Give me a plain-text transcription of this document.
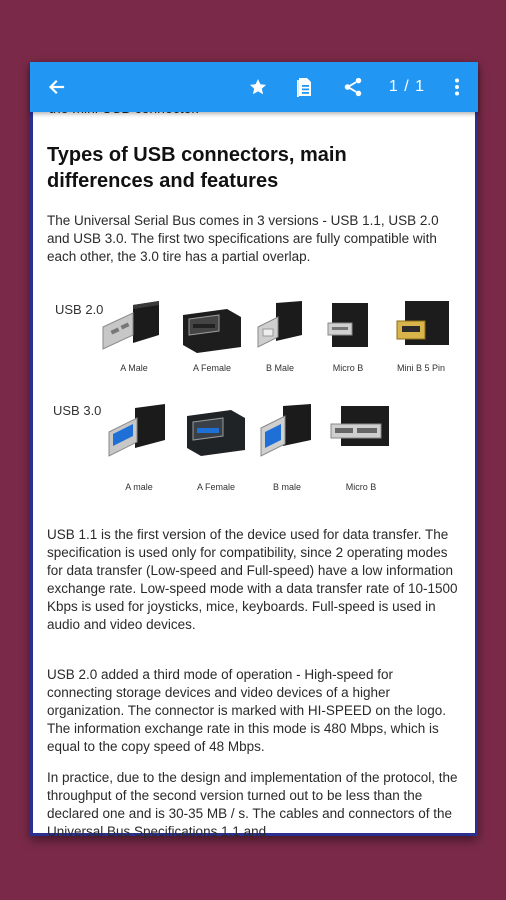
1 / 1
Types of USB connectors, main differences and features

The Universal Serial Bus comes in 3 versions - USB 1.1, USB 2.0 and USB 3.0. The first two specifications are fully compatible with each other, the 3.0 tire has a partial overlap.

USB 2.0
USB 3.0
A Male	A Female	B Male	Micro B	Mini B 5 Pin
A male	A Female	B male	Micro B

USB 1.1 is the first version of the device used for data transfer. The specification is used only for compatibility, since 2 operating modes for data transfer (Low-speed and Full-speed) have a low information exchange rate. Low-speed mode with a data transfer rate of 10-1500 Kbps is used for joysticks, mice, keyboards. Full-speed is used in audio and video devices.

USB 2.0 added a third mode of operation - High-speed for connecting storage devices and video devices of a higher organization. The connector is marked with HI-SPEED on the logo. The information exchange rate in this mode is 480 Mbps, which is equal to the copy speed of 48 Mbps.

In practice, due to the design and implementation of the protocol, the throughput of the second version turned out to be less than the declared one and is 30-35 MB / s. The cables and connectors of the Universal Bus Specifications 1.1 and
